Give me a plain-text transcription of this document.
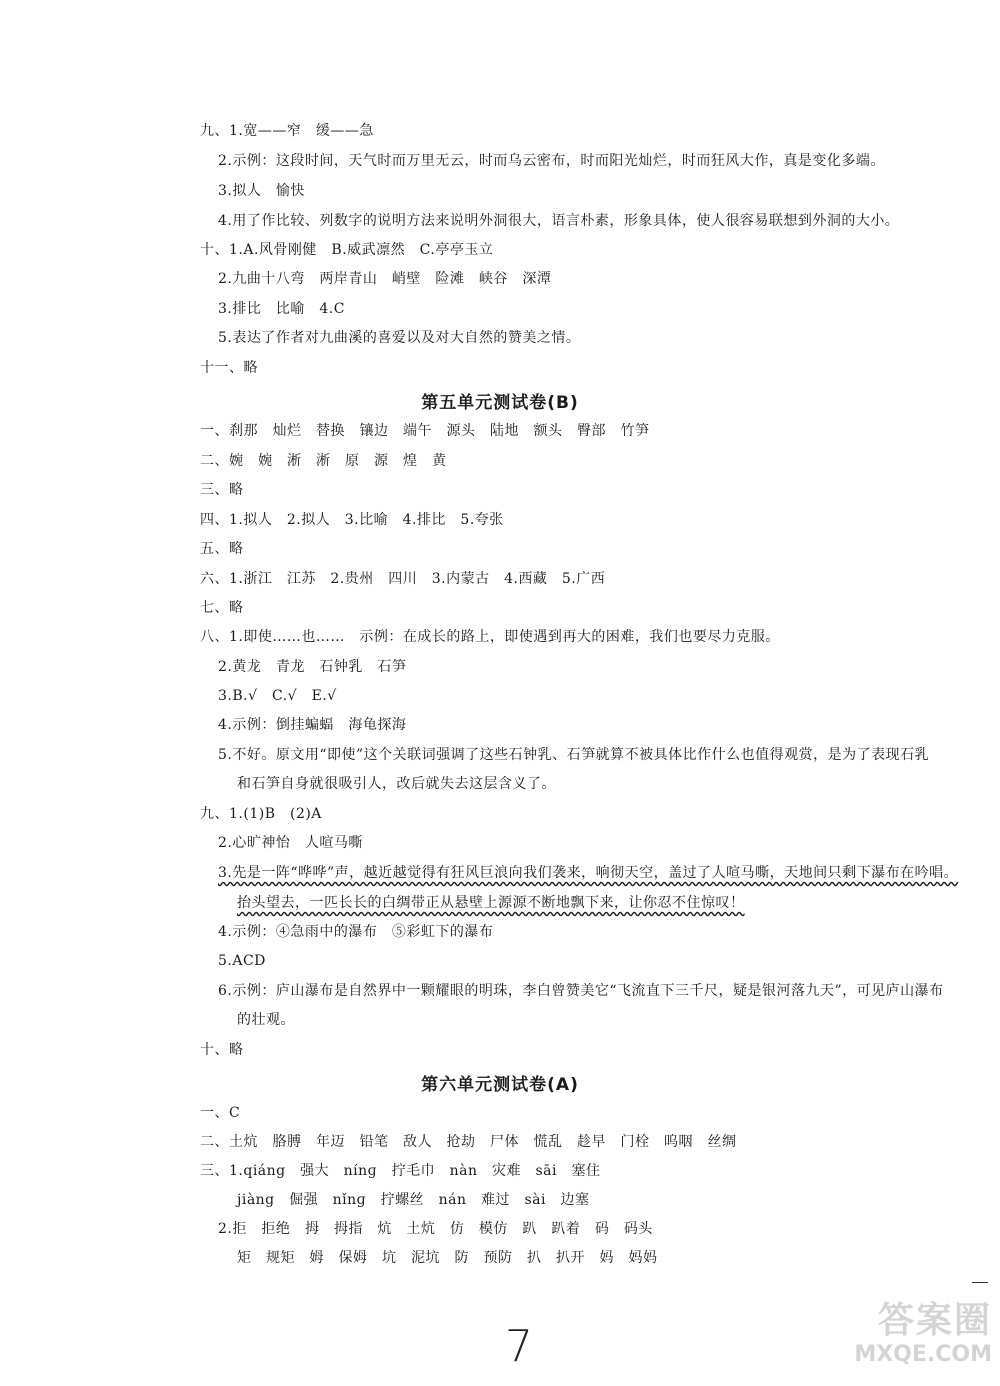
九、1.宽——窄　缓——急
2.示例：这段时间，天气时而万里无云，时而乌云密布，时而阳光灿烂，时而狂风大作，真是变化多端。
3.拟人　愉快
4.用了作比较、列数字的说明方法来说明外洞很大，语言朴素，形象具体，使人很容易联想到外洞的大小。
十、1.A.风骨刚健　B.威武凛然　C.亭亭玉立
2.九曲十八弯　两岸青山　峭壁　险滩　峡谷　深潭
3.排比　比喻　4.C
5.表达了作者对九曲溪的喜爱以及对大自然的赞美之情。
十一、略
第五单元测试卷(B)
一、刹那　灿烂　替换　镶边　端午　源头　陆地　额头　臀部　竹笋
二、婉　婉　淅　淅　原　源　煌　黄
三、略
四、1.拟人　2.拟人　3.比喻　4.排比　5.夸张
五、略
六、1.浙江　江苏　2.贵州　四川　3.内蒙古　4.西藏　5.广西
七、略
八、1.即使……也……　示例：在成长的路上，即使遇到再大的困难，我们也要尽力克服。
2.黄龙　青龙　石钟乳　石笋
3.B.√　C.√　E.√
4.示例：倒挂蝙蝠　海龟探海
5.不好。原文用“即使”这个关联词强调了这些石钟乳、石笋就算不被具体比作什么也值得观赏，是为了表现石乳
和石笋自身就很吸引人，改后就失去这层含义了。
九、1.(1)B　(2)A
2.心旷神怡　人喧马嘶
3.先是一阵“哗哗”声，越近越觉得有狂风巨浪向我们袭来，响彻天空，盖过了人喧马嘶，天地间只剩下瀑布在吟唱。
抬头望去，一匹长长的白绸带正从悬壁上源源不断地飘下来，让你忍不住惊叹！
4.示例：④急雨中的瀑布　⑤彩虹下的瀑布
5.ACD
6.示例：庐山瀑布是自然界中一颗耀眼的明珠，李白曾赞美它“飞流直下三千尺，疑是银河落九天”，可见庐山瀑布
的壮观。
十、略
第六单元测试卷(A)
一、C
二、土炕　胳膊　年迈　铅笔　敌人　抢劫　尸体　慌乱　趁早　门栓　呜咽　丝绸
三、1.qiáng　强大　nínɡ　拧毛巾　nàn　灾难　sāi　塞住
jiàng　倔强　nǐnɡ　拧螺丝　nán　难过　sài　边塞
2.拒　拒绝　拇　拇指　炕　土炕　仿　模仿　趴　趴着　码　码头
矩　规矩　姆　保姆　坑　泥坑　防　预防　扒　扒开　妈　妈妈
7
答案圈
MXQE.COM
